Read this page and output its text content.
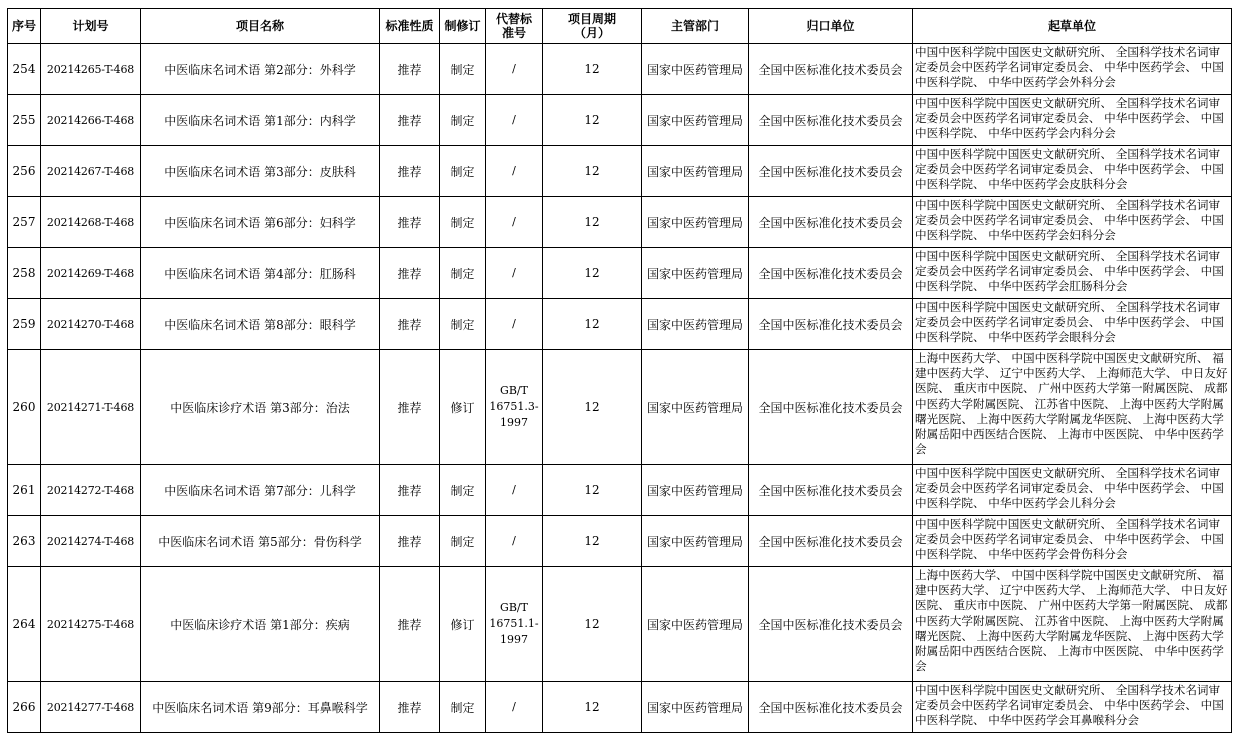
序号	计划号	项目名称	标准性质	制修订	代替标准号	项目周期（月）	主管部门	归口单位	起草单位
254	20214265-T-468	中医临床名词术语 第2部分：外科学	推荐	制定	/	12	国家中医药管理局	全国中医标准化技术委员会	中国中医科学院中国医史文献研究所、 全国科学技术名词审定委员会中医药学名词审定委员会、 中华中医药学会、 中国中医科学院、 中华中医药学会外科分会
255	20214266-T-468	中医临床名词术语 第1部分：内科学	推荐	制定	/	12	国家中医药管理局	全国中医标准化技术委员会	中国中医科学院中国医史文献研究所、 全国科学技术名词审定委员会中医药学名词审定委员会、 中华中医药学会、 中国中医科学院、 中华中医药学会内科分会
256	20214267-T-468	中医临床名词术语 第3部分：皮肤科	推荐	制定	/	12	国家中医药管理局	全国中医标准化技术委员会	中国中医科学院中国医史文献研究所、 全国科学技术名词审定委员会中医药学名词审定委员会、 中华中医药学会、 中国中医科学院、 中华中医药学会皮肤科分会
257	20214268-T-468	中医临床名词术语 第6部分：妇科学	推荐	制定	/	12	国家中医药管理局	全国中医标准化技术委员会	中国中医科学院中国医史文献研究所、 全国科学技术名词审定委员会中医药学名词审定委员会、 中华中医药学会、 中国中医科学院、 中华中医药学会妇科分会
258	20214269-T-468	中医临床名词术语 第4部分：肛肠科	推荐	制定	/	12	国家中医药管理局	全国中医标准化技术委员会	中国中医科学院中国医史文献研究所、 全国科学技术名词审定委员会中医药学名词审定委员会、 中华中医药学会、 中国中医科学院、 中华中医药学会肛肠科分会
259	20214270-T-468	中医临床名词术语 第8部分：眼科学	推荐	制定	/	12	国家中医药管理局	全国中医标准化技术委员会	中国中医科学院中国医史文献研究所、 全国科学技术名词审定委员会中医药学名词审定委员会、 中华中医药学会、 中国中医科学院、 中华中医药学会眼科分会
260	20214271-T-468	中医临床诊疗术语 第3部分：治法	推荐	修订	GB/T 16751.3-1997	12	国家中医药管理局	全国中医标准化技术委员会	上海中医药大学、 中国中医科学院中国医史文献研究所、 福建中医药大学、 辽宁中医药大学、 上海师范大学、 中日友好医院、 重庆市中医院、 广州中医药大学第一附属医院、 成都中医药大学附属医院、 江苏省中医院、 上海中医药大学附属曙光医院、 上海中医药大学附属龙华医院、 上海中医药大学附属岳阳中西医结合医院、 上海市中医医院、 中华中医药学会
261	20214272-T-468	中医临床名词术语 第7部分：儿科学	推荐	制定	/	12	国家中医药管理局	全国中医标准化技术委员会	中国中医科学院中国医史文献研究所、 全国科学技术名词审定委员会中医药学名词审定委员会、 中华中医药学会、 中国中医科学院、 中华中医药学会儿科分会
263	20214274-T-468	中医临床名词术语 第5部分：骨伤科学	推荐	制定	/	12	国家中医药管理局	全国中医标准化技术委员会	中国中医科学院中国医史文献研究所、 全国科学技术名词审定委员会中医药学名词审定委员会、 中华中医药学会、 中国中医科学院、 中华中医药学会骨伤科分会
264	20214275-T-468	中医临床诊疗术语 第1部分：疾病	推荐	修订	GB/T 16751.1-1997	12	国家中医药管理局	全国中医标准化技术委员会	上海中医药大学、 中国中医科学院中国医史文献研究所、 福建中医药大学、 辽宁中医药大学、 上海师范大学、 中日友好医院、 重庆市中医院、 广州中医药大学第一附属医院、 成都中医药大学附属医院、 江苏省中医院、 上海中医药大学附属曙光医院、 上海中医药大学附属龙华医院、 上海中医药大学附属岳阳中西医结合医院、 上海市中医医院、 中华中医药学会
266	20214277-T-468	中医临床名词术语 第9部分：耳鼻喉科学	推荐	制定	/	12	国家中医药管理局	全国中医标准化技术委员会	中国中医科学院中国医史文献研究所、 全国科学技术名词审定委员会中医药学名词审定委员会、 中华中医药学会、 中国中医科学院、 中华中医药学会耳鼻喉科分会
